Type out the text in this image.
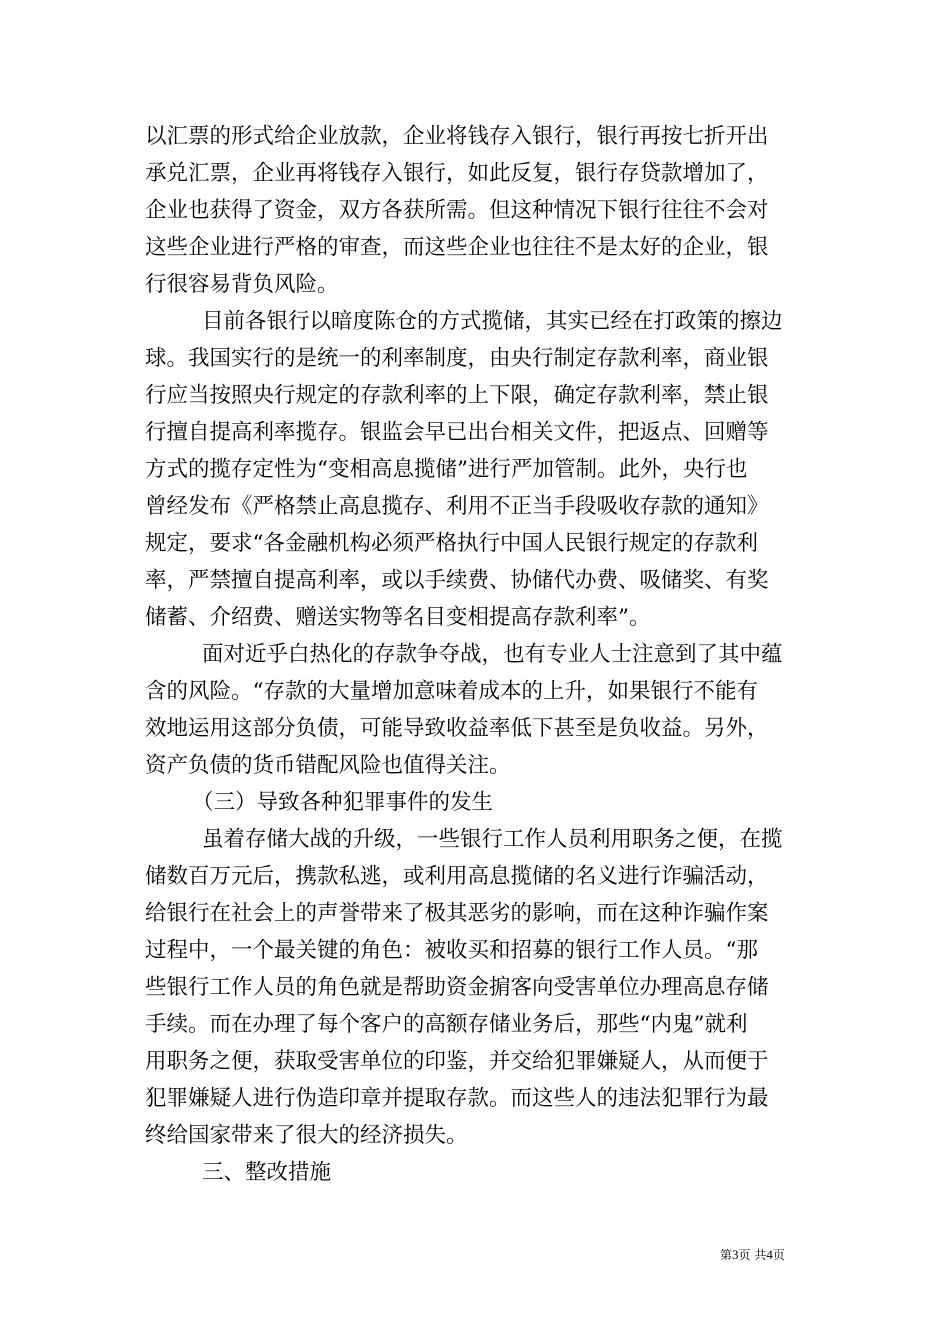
以汇票的形式给企业放款，企业将钱存入银行，银行再按七折开出
承兑汇票，企业再将钱存入银行，如此反复，银行存贷款增加了，
企业也获得了资金，双方各获所需。但这种情况下银行往往不会对
这些企业进行严格的审查，而这些企业也往往不是太好的企业，银
行很容易背负风险。
目前各银行以暗度陈仓的方式揽储，其实已经在打政策的擦边
球。我国实行的是统一的利率制度，由央行制定存款利率，商业银
行应当按照央行规定的存款利率的上下限，确定存款利率，禁止银
行擅自提高利率揽存。银监会早已出台相关文件，把返点、回赠等
方式的揽存定性为“变相高息揽储”进行严加管制。此外，央行也
曾经发布《严格禁止高息揽存、利用不正当手段吸收存款的通知》
规定，要求“各金融机构必须严格执行中国人民银行规定的存款利
率，严禁擅自提高利率，或以手续费、协储代办费、吸储奖、有奖
储蓄、介绍费、赠送实物等名目变相提高存款利率”。
面对近乎白热化的存款争夺战，也有专业人士注意到了其中蕴
含的风险。“存款的大量增加意味着成本的上升，如果银行不能有
效地运用这部分负债，可能导致收益率低下甚至是负收益。另外，
资产负债的货币错配风险也值得关注。
（三）导致各种犯罪事件的发生
虽着存储大战的升级，一些银行工作人员利用职务之便，在揽
储数百万元后，携款私逃，或利用高息揽储的名义进行诈骗活动，
给银行在社会上的声誉带来了极其恶劣的影响，而在这种诈骗作案
过程中，一个最关键的角色：被收买和招募的银行工作人员。“那
些银行工作人员的角色就是帮助资金掮客向受害单位办理高息存储
手续。而在办理了每个客户的高额存储业务后，那些“内鬼”就利
用职务之便，获取受害单位的印鉴，并交给犯罪嫌疑人，从而便于
犯罪嫌疑人进行伪造印章并提取存款。而这些人的违法犯罪行为最
终给国家带来了很大的经济损失。
三、整改措施
第3页 共4页
